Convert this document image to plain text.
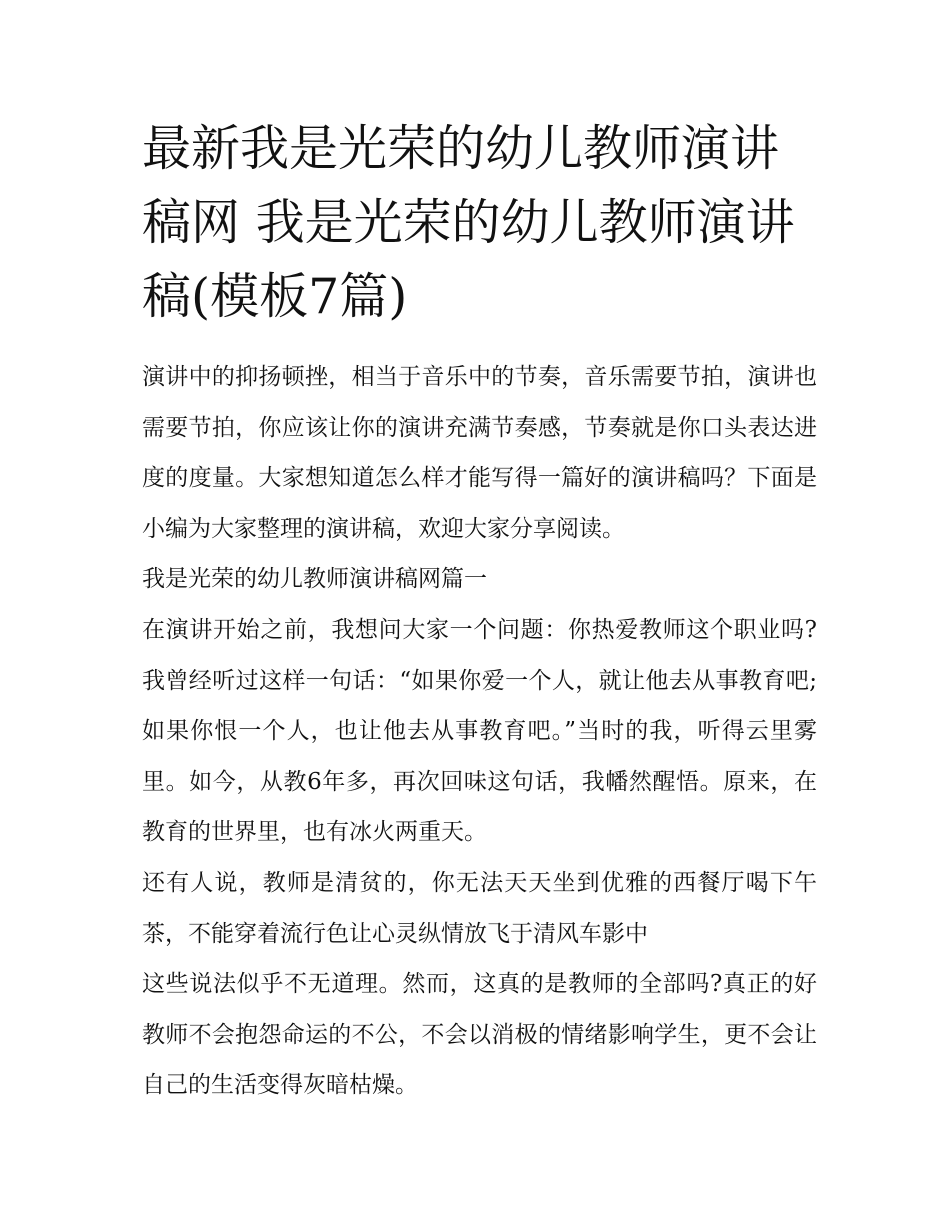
最新我是光荣的幼儿教师演讲稿网 我是光荣的幼儿教师演讲稿(模板7篇)

演讲中的抑扬顿挫，相当于音乐中的节奏，音乐需要节拍，演讲也需要节拍，你应该让你的演讲充满节奏感，节奏就是你口头表达进度的度量。大家想知道怎么样才能写得一篇好的演讲稿吗？下面是小编为大家整理的演讲稿，欢迎大家分享阅读。

我是光荣的幼儿教师演讲稿网篇一

在演讲开始之前，我想问大家一个问题：你热爱教师这个职业吗?我曾经听过这样一句话：“如果你爱一个人，就让他去从事教育吧;如果你恨一个人，也让他去从事教育吧。”当时的我，听得云里雾里。如今，从教6年多，再次回味这句话，我幡然醒悟。原来，在教育的世界里，也有冰火两重天。

还有人说，教师是清贫的，你无法天天坐到优雅的西餐厅喝下午茶，不能穿着流行色让心灵纵情放飞于清风车影中

这些说法似乎不无道理。然而，这真的是教师的全部吗?真正的好教师不会抱怨命运的不公，不会以消极的情绪影响学生，更不会让自己的生活变得灰暗枯燥。
